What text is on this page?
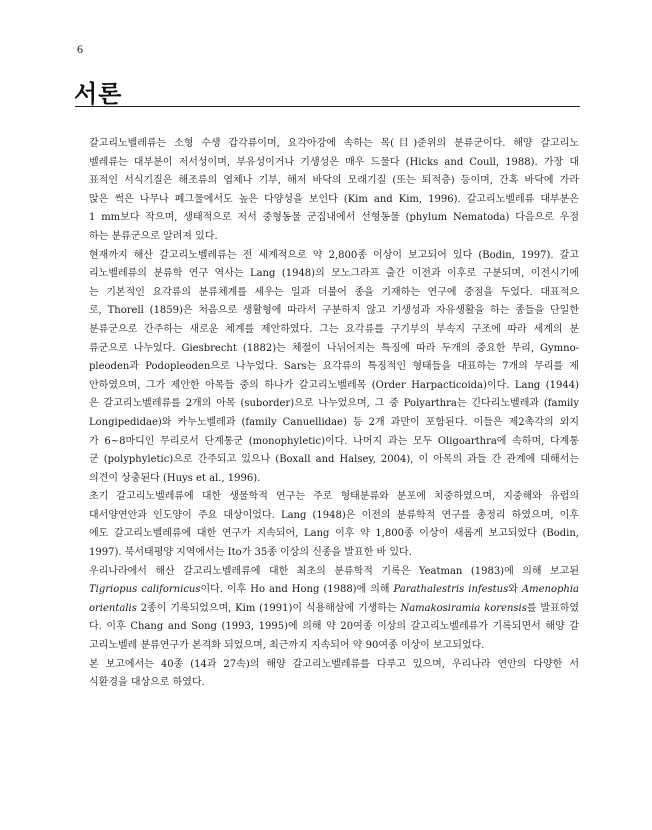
6
서론

갈고리노벨레류는 소형 수생 갑각류이며, 요각아강에 속하는 목(目)준위의 분류군이다. 해양 갈고리노
벨레류는 대부분이 저서성이며, 부유성이거나 기생성은 매우 드물다 (Hicks and Coull, 1988). 가장 대
표적인 서식기질은 해조류의 엽체나 기부, 해저 바닥의 모래기질 (또는 퇴적층) 등이며, 간혹 바닥에 가라
앉은 썩은 나무나 폐그물에서도 높은 다양성을 보인다 (Kim and Kim, 1996). 갈고리노벨레류 대부분은
1 mm보다 작으며, 생태적으로 저서 중형동물 군집내에서 선형동물 (phylum Nematoda) 다음으로 우점
하는 분류군으로 알려져 있다.

현재까지 해산 갈고리노벨레류는 전 세계적으로 약 2,800종 이상이 보고되어 있다 (Bodin, 1997). 갈고
리노벨레류의 분류학 연구 역사는 Lang (1948)의 모노그라프 출간 이전과 이후로 구분되며, 이전시기에
는 기본적인 요각류의 분류체계를 세우는 일과 더불어 종을 기재하는 연구에 중점을 두었다. 대표적으
로, Thorell (1859)은 처음으로 생활형에 따라서 구분하지 않고 기생성과 자유생활을 하는 종들을 단일한
분류군으로 간주하는 새로운 체계를 제안하였다. 그는 요각류를 구기부의 부속지 구조에 따라 세계의 분
류군으로 나누었다. Giesbrecht (1882)는 체절이 나뉘어지는 특징에 따라 두개의 중요한 무리, Gymno-
pleoden과 Podopleoden으로 나누었다. Sars는 요각류의 특징적인 형태들을 대표하는 7개의 무리를 제
안하였으며, 그가 제안한 아목들 중의 하나가 갈고리노벨레목 (Order Harpacticoida)이다. Lang (1944)
은 갈고리노벨레류를 2개의 아목 (suborder)으로 나누었으며, 그 중 Polyarthra는 긴다리노벨레과 (family
Longipedidae)와 카누노벨레과 (family Canuellidae) 등 2개 과만이 포함된다. 이들은 제2촉각의 외지
가 6~8마디인 무리로서 단계통군 (monophyletic)이다. 나머지 과는 모두 Oligoarthra에 속하며, 다계통
군 (polyphyletic)으로 간주되고 있으나 (Boxall and Halsey, 2004), 이 아목의 과들 간 관계에 대해서는
의견이 상충된다 (Huys et al., 1996).

초기 갈고리노벨레류에 대한 생물학적 연구는 주로 형태분류와 분포에 치중하였으며, 지중해와 유럽의
대서양연안과 인도양이 주요 대상이었다. Lang (1948)은 이전의 분류학적 연구를 총정리 하였으며, 이후
에도 갈고리노벨레류에 대한 연구가 지속되어, Lang 이후 약 1,800종 이상이 새롭게 보고되었다 (Bodin,
1997). 북서태평양 지역에서는 Ito가 35종 이상의 신종을 발표한 바 있다.

우리나라에서 해산 갈고리노벨레류에 대한 최초의 분류학적 기록은 Yeatman (1983)에 의해 보고된
Tigriopus californicus이다. 이후 Ho and Hong (1988)에 의해 Parathalestris infestus와 Amenophia
orientalis 2종이 기록되었으며, Kim (1991)이 식용해삼에 기생하는 Namakosiramia korensis를 발표하였
다. 이후 Chang and Song (1993, 1995)에 의해 약 20여종 이상의 갈고리노벨레류가 기록되면서 해양 갈
고리노벨레 분류연구가 본격화 되었으며, 최근까지 지속되어 약 90여종 이상이 보고되었다.

본 보고에서는 40종 (14과 27속)의 해양 갈고리노벨레류를 다루고 있으며, 우리나라 연안의 다양한 서
식환경을 대상으로 하였다.
